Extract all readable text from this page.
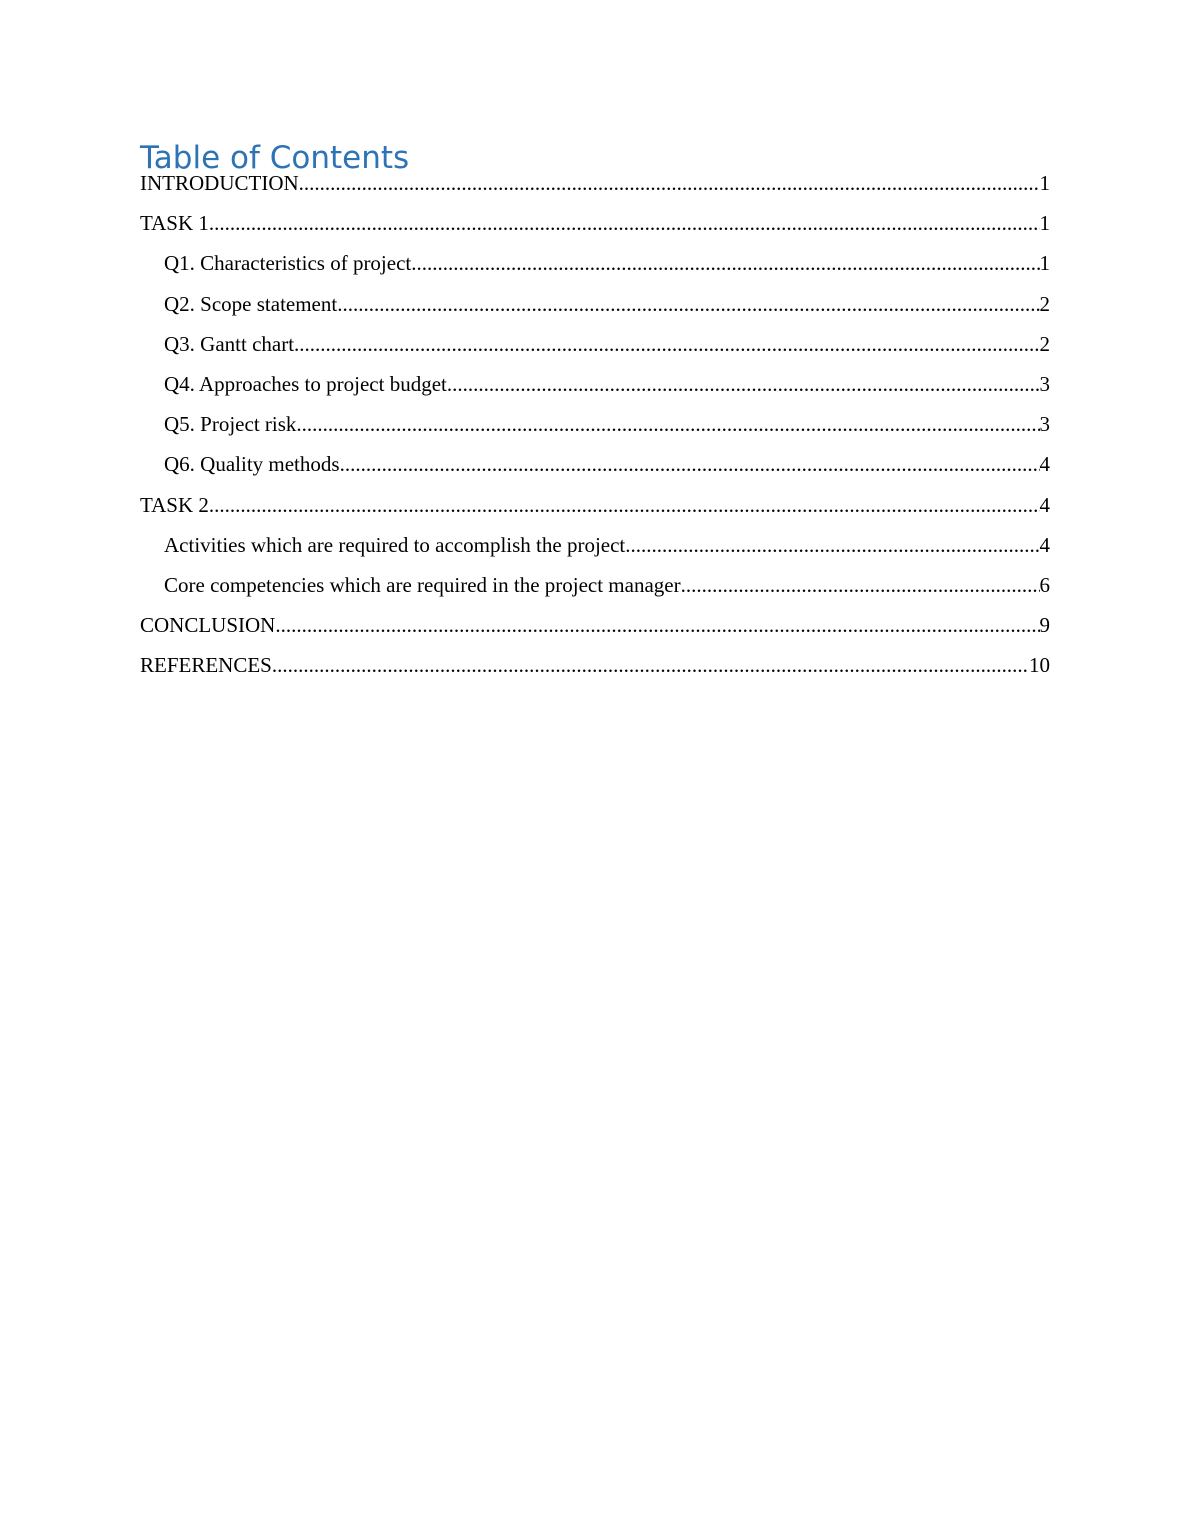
Table of Contents
INTRODUCTION .....	1
TASK 1 .....	1
Q1. Characteristics of project .....	1
Q2. Scope statement .....	2
Q3. Gantt chart .....	2
Q4. Approaches to project budget .....	3
Q5. Project risk .....	3
Q6. Quality methods .....	4
TASK 2 .....	4
Activities which are required to accomplish the project .....	4
Core competencies which are required in the project manager .....	6
CONCLUSION .....	9
REFERENCES .....	10
